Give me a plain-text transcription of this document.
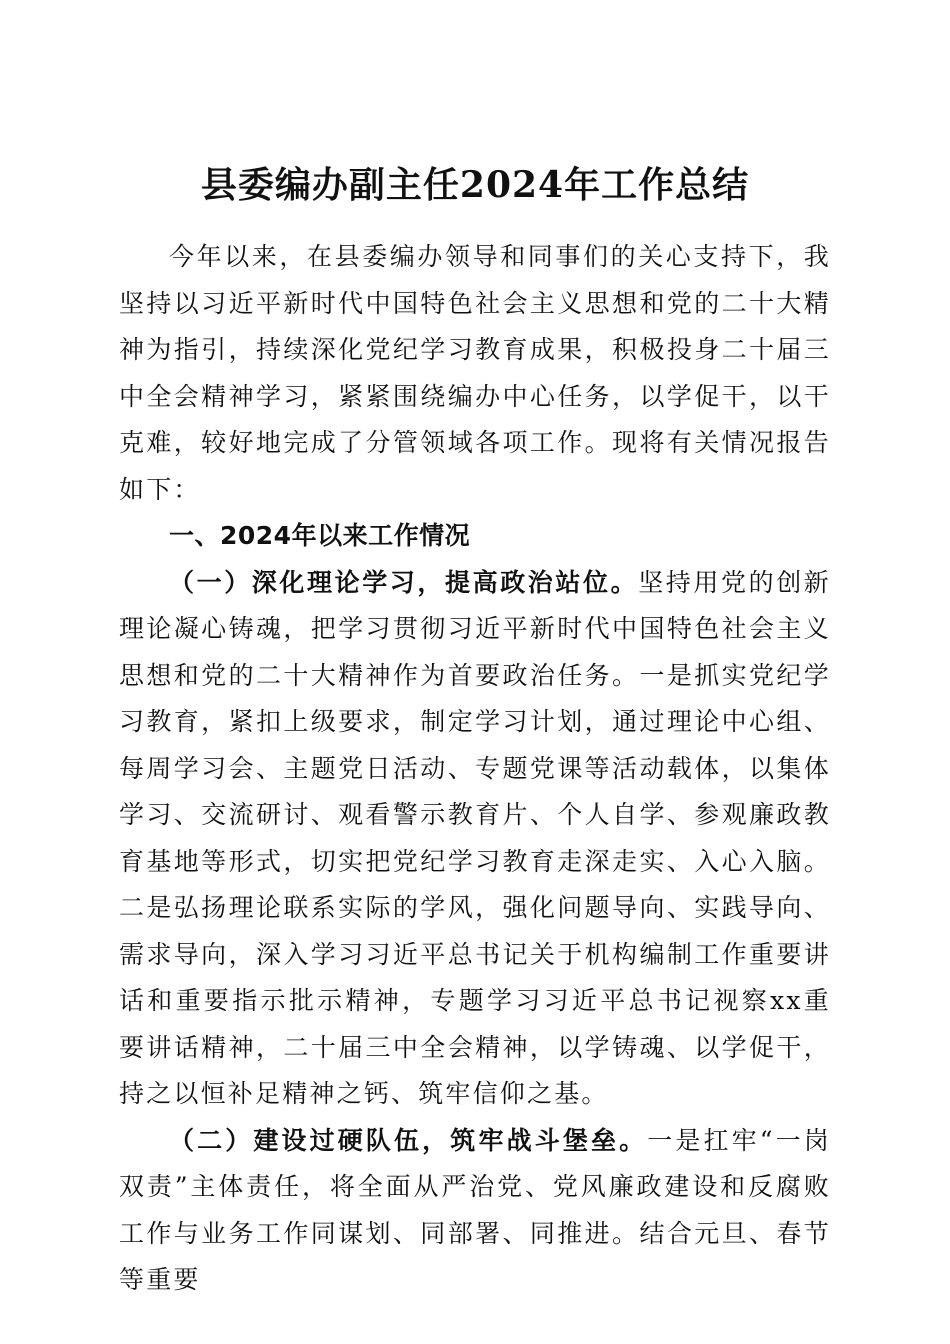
县委编办副主任2024年工作总结

今年以来，在县委编办领导和同事们的关心支持下，我坚持以习近平新时代中国特色社会主义思想和党的二十大精神为指引，持续深化党纪学习教育成果，积极投身二十届三中全会精神学习，紧紧围绕编办中心任务，以学促干，以干克难，较好地完成了分管领域各项工作。现将有关情况报告如下：

一、2024年以来工作情况

（一）深化理论学习，提高政治站位。坚持用党的创新理论凝心铸魂，把学习贯彻习近平新时代中国特色社会主义思想和党的二十大精神作为首要政治任务。一是抓实党纪学习教育，紧扣上级要求，制定学习计划，通过理论中心组、每周学习会、主题党日活动、专题党课等活动载体，以集体学习、交流研讨、观看警示教育片、个人自学、参观廉政教育基地等形式，切实把党纪学习教育走深走实、入心入脑。二是弘扬理论联系实际的学风，强化问题导向、实践导向、需求导向，深入学习习近平总书记关于机构编制工作重要讲话和重要指示批示精神，专题学习习近平总书记视察xx重要讲话精神，二十届三中全会精神，以学铸魂、以学促干，持之以恒补足精神之钙、筑牢信仰之基。

（二）建设过硬队伍，筑牢战斗堡垒。一是扛牢“一岗双责”主体责任，将全面从严治党、党风廉政建设和反腐败工作与业务工作同谋划、同部署、同推进。结合元旦、春节等重要
